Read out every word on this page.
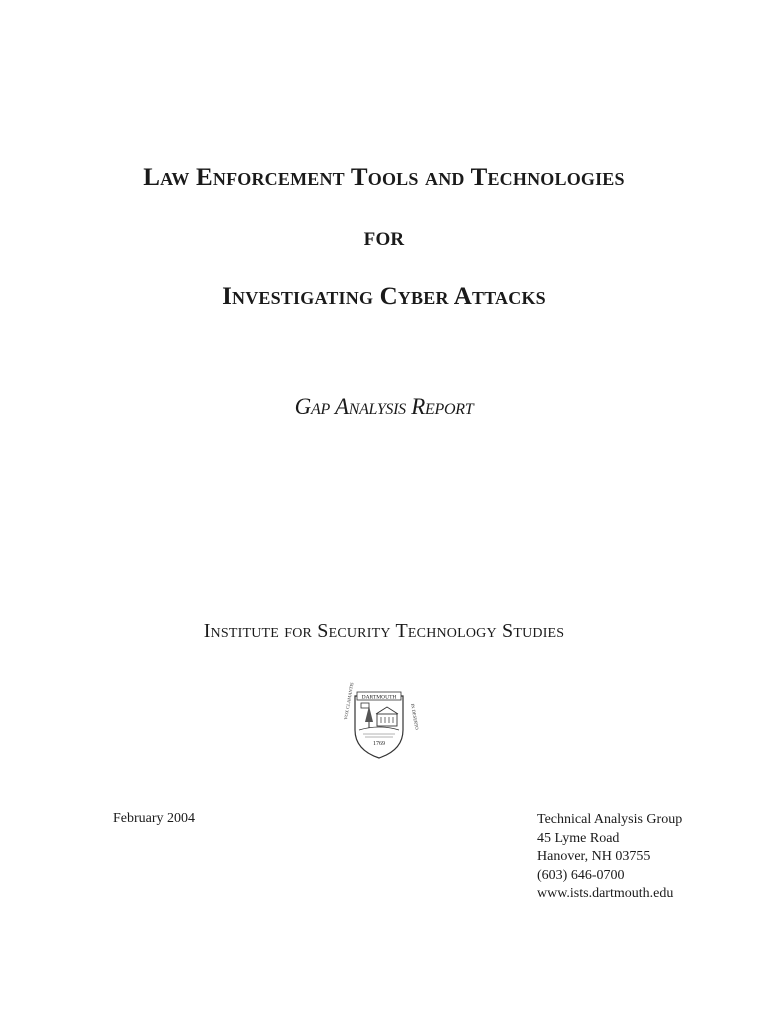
Law Enforcement Tools and Technologies
FOR
Investigating Cyber Attacks
Gap Analysis Report
Institute for Security Technology Studies
DARTMOUTH
1769
VOX CLAMANTIS	IN DESERTO
February 2004	Technical Analysis Group
45 Lyme Road
Hanover, NH 03755
(603) 646-0700
www.ists.dartmouth.edu
